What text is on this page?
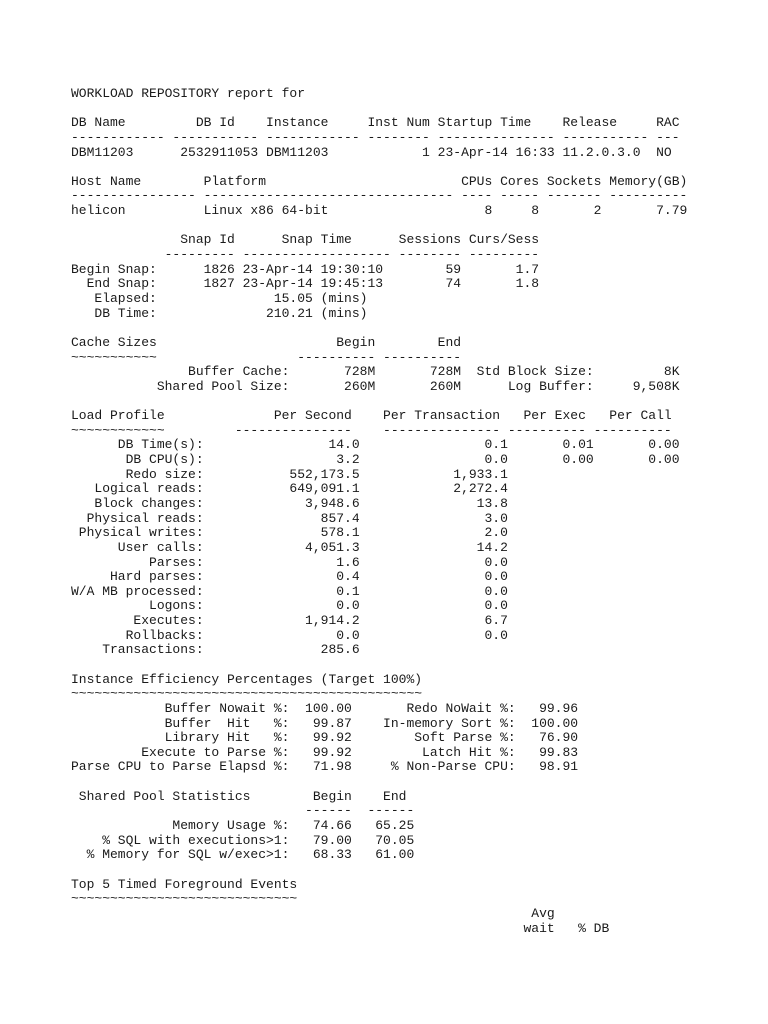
WORKLOAD REPOSITORY report for
DB Name         DB Id    Instance     Inst Num Startup Time    Release     RAC
------------ ----------- ------------ -------- --------------- ----------- ---
DBM11203      2532911053 DBM11203            1 23-Apr-14 16:33 11.2.0.3.0  NO
Host Name        Platform                         CPUs Cores Sockets Memory(GB)
---------------- -------------------------------- ---- ----- ------- ----------
helicon          Linux x86 64-bit                    8     8       2       7.79
Snap Id      Snap Time      Sessions Curs/Sess
--------- ------------------- -------- ---------
Begin Snap:      1826 23-Apr-14 19:30:10        59       1.7
End Snap:      1827 23-Apr-14 19:45:13        74       1.8
Elapsed:               15.05 (mins)
DB Time:              210.21 (mins)
Cache Sizes                       Begin        End
~~~~~~~~~~~                  ---------- ----------
Buffer Cache:       728M       728M  Std Block Size:         8K
Shared Pool Size:       260M       260M      Log Buffer:     9,508K
Load Profile              Per Second    Per Transaction   Per Exec   Per Call
~~~~~~~~~~~~         ---------------    --------------- ---------- ----------
DB Time(s):                14.0                0.1       0.01       0.00
DB CPU(s):                 3.2                0.0       0.00       0.00
Redo size:           552,173.5            1,933.1
Logical reads:           649,091.1            2,272.4
Block changes:             3,948.6               13.8
Physical reads:               857.4                3.0
Physical writes:               578.1                2.0
User calls:             4,051.3               14.2
Parses:                 1.6                0.0
Hard parses:                 0.4                0.0
W/A MB processed:                 0.1                0.0
Logons:                 0.0                0.0
Executes:             1,914.2                6.7
Rollbacks:                 0.0                0.0
Transactions:               285.6
Instance Efficiency Percentages (Target 100%)
~~~~~~~~~~~~~~~~~~~~~~~~~~~~~~~~~~~~~~~~~~~~~
Buffer Nowait %:  100.00       Redo NoWait %:   99.96
Buffer  Hit   %:   99.87    In-memory Sort %:  100.00
Library Hit   %:   99.92        Soft Parse %:   76.90
Execute to Parse %:   99.92         Latch Hit %:   99.83
Parse CPU to Parse Elapsd %:   71.98     % Non-Parse CPU:   98.91
Shared Pool Statistics        Begin    End
------  ------
Memory Usage %:   74.66   65.25
% SQL with executions>1:   79.00   70.05
% Memory for SQL w/exec>1:   68.33   61.00
Top 5 Timed Foreground Events
~~~~~~~~~~~~~~~~~~~~~~~~~~~~~
Avg
wait   % DB
